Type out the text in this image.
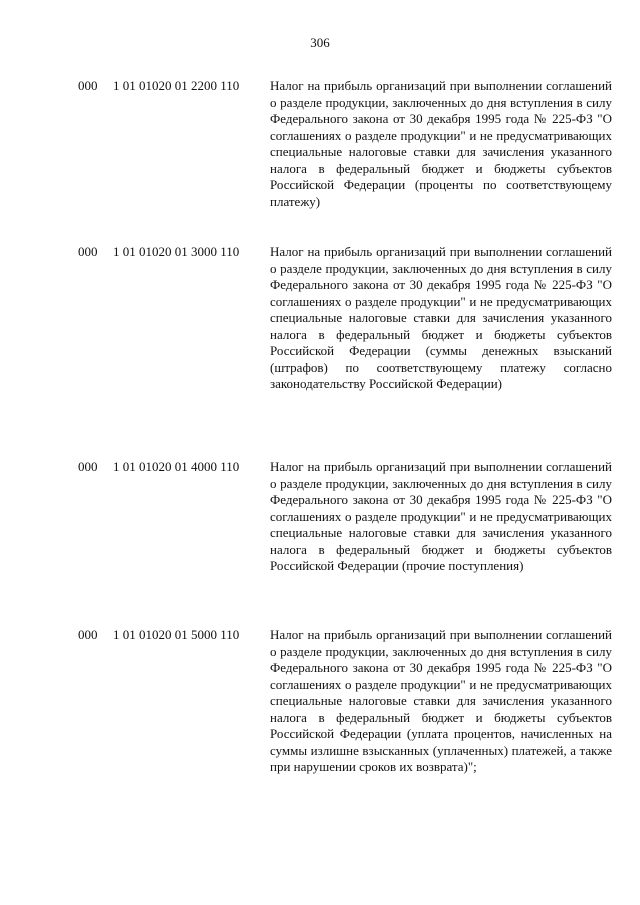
306
000 1 01 01020 01 2200 110 Налог на прибыль организаций при выполнении соглашений о разделе продукции, заключенных до дня вступления в силу Федерального закона от 30 декабря 1995 года № 225-ФЗ "О соглашениях о разделе продукции" и не предусматривающих специальные налоговые ставки для зачисления указанного налога в федеральный бюджет и бюджеты субъектов Российской Федерации (проценты по соответствующему платежу)
000 1 01 01020 01 3000 110 Налог на прибыль организаций при выполнении соглашений о разделе продукции, заключенных до дня вступления в силу Федерального закона от 30 декабря 1995 года № 225-ФЗ "О соглашениях о разделе продукции" и не предусматривающих специальные налоговые ставки для зачисления указанного налога в федеральный бюджет и бюджеты субъектов Российской Федерации (суммы денежных взысканий (штрафов) по соответствующему платежу согласно законодательству Российской Федерации)
000 1 01 01020 01 4000 110 Налог на прибыль организаций при выполнении соглашений о разделе продукции, заключенных до дня вступления в силу Федерального закона от 30 декабря 1995 года № 225-ФЗ "О соглашениях о разделе продукции" и не предусматривающих специальные налоговые ставки для зачисления указанного налога в федеральный бюджет и бюджеты субъектов Российской Федерации (прочие поступления)
000 1 01 01020 01 5000 110 Налог на прибыль организаций при выполнении соглашений о разделе продукции, заключенных до дня вступления в силу Федерального закона от 30 декабря 1995 года № 225-ФЗ "О соглашениях о разделе продукции" и не предусматривающих специальные налоговые ставки для зачисления указанного налога в федеральный бюджет и бюджеты субъектов Российской Федерации (уплата процентов, начисленных на суммы излишне взысканных (уплаченных) платежей, а также при нарушении сроков их возврата)";
